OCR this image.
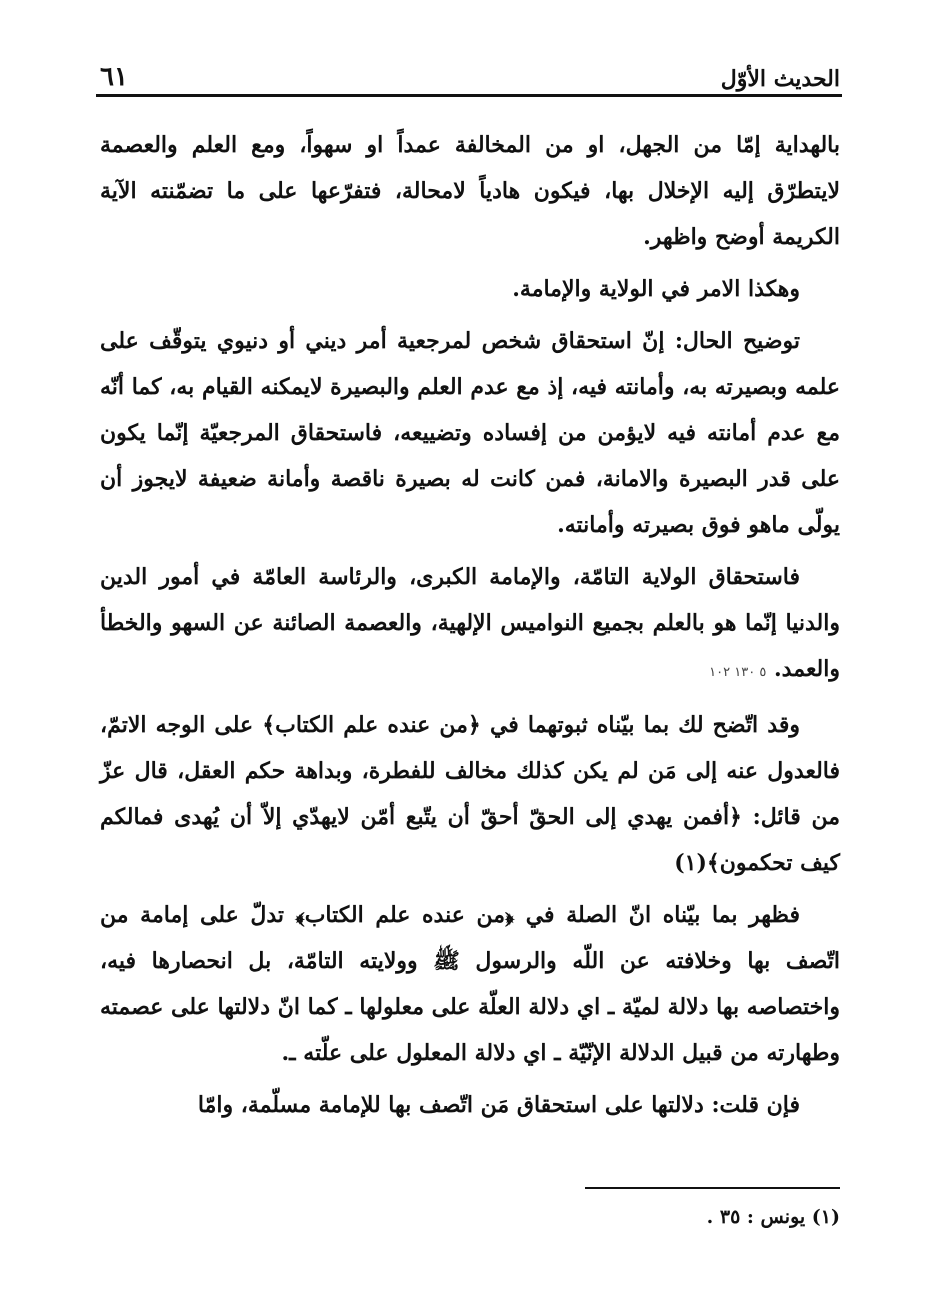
٦١	الحديث الأوّل

بالهداية إمّا من الجهل، او من المخالفة عمداً او سهواً، ومع العلم والعصمة لايتطرّق إليه الإخلال بها، فيكون هادياً لامحالة، فتفرّعها على ما تضمّنته الآية الكريمة أوضح واظهر.

وهكذا الامر في الولاية والإمامة.

توضيح الحال: إنّ استحقاق شخص لمرجعية أمر ديني أو دنيوي يتوقّف على علمه وبصيرته به، وأمانته فيه، إذ مع عدم العلم والبصيرة لايمكنه القيام به، كما أنّه مع عدم أمانته فيه لايؤمن من إفساده وتضييعه، فاستحقاق المرجعيّة إنّما يكون على قدر البصيرة والامانة، فمن كانت له بصيرة ناقصة وأمانة ضعيفة لايجوز أن يولّى ماهو فوق بصيرته وأمانته.

فاستحقاق الولاية التامّة، والإمامة الكبرى، والرئاسة العامّة في أمور الدين والدنيا إنّما هو بالعلم بجميع النواميس الإلهية، والعصمة الصائنة عن السهو والخطأ والعمد. ٥ ١٣٠ ١٠٢

وقد اتّضح لك بما بيّناه ثبوتهما في ﴿من عنده علم الكتاب﴾ على الوجه الاتمّ، فالعدول عنه إلى مَن لم يكن كذلك مخالف للفطرة، وبداهة حكم العقل، قال عزّ من قائل: ﴿أفمن يهدي إلى الحقّ أحقّ أن يتّبع أمّن لايهدّي إلاّ أن يُهدى فمالكم كيف تحكمون﴾(١)

فظهر بما بيّناه انّ الصلة في ﴿من عنده علم الكتاب﴾ تدلّ على إمامة من اتّصف بها وخلافته عن اللّه والرسول ﷺ وولايته التامّة، بل انحصارها فيه، واختصاصه بها دلالة لميّة ـ اي دلالة العلّة على معلولها ـ كما انّ دلالتها على عصمته وطهارته من قبيل الدلالة الإنّيّة ـ اي دلالة المعلول على علّته ـ.

فإن قلت: دلالتها على استحقاق مَن اتّصف بها للإمامة مسلّمة، وامّا

(١) يونس : ٣٥ .
